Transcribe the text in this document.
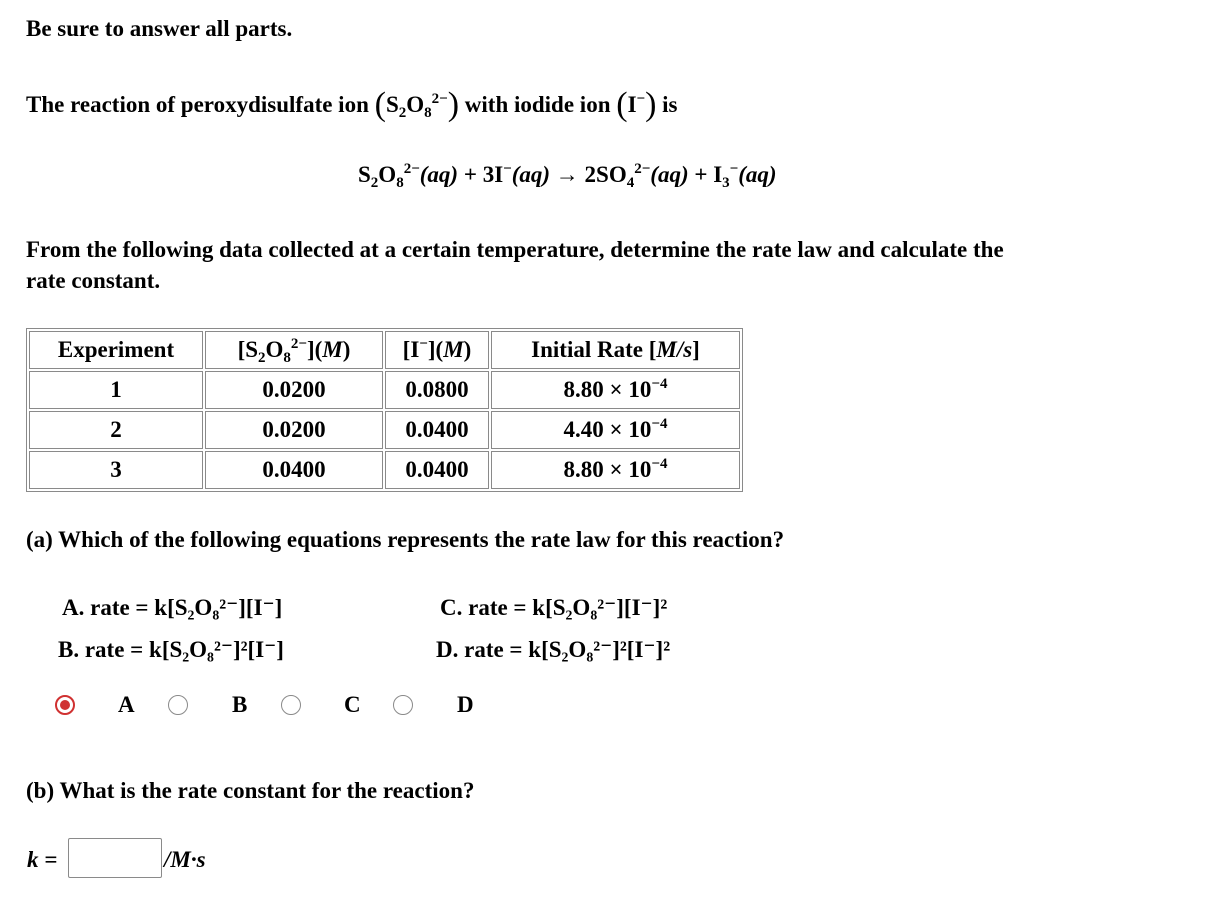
Be sure to answer all parts.
The reaction of peroxydisulfate ion $(S_2O_8^{2-})$ with iodide ion (I−) is
$S_2O_8^{2-}(aq) + 3I^-(aq) \to 2SO_4^{2-}(aq) + I_3^-(aq)$
From the following data collected at a certain temperature, determine the rate law and calculate the
rate constant.
Experiment	$[S_2O_8^{2-}](M)$	[I−](M)	Initial Rate [M/s]
1	0.0200	0.0800	$8.80 \times 10^{-4}$
2	0.0200	0.0400	$4.40 \times 10^{-4}$
3	0.0400	0.0400	$8.80 \times 10^{-4}$
(a) Which of the following equations represents the rate law for this reaction?
A. rate = k[S₂O₈²⁻][I⁻]
B. rate = k[S₂O₈²⁻]²[I⁻]
C. rate = k[S₂O₈²⁻][I⁻]²
D. rate = k[S₂O₈²⁻]²[I⁻]²
A	B	C	D
(b) What is the rate constant for the reaction?
k =	/M·s
